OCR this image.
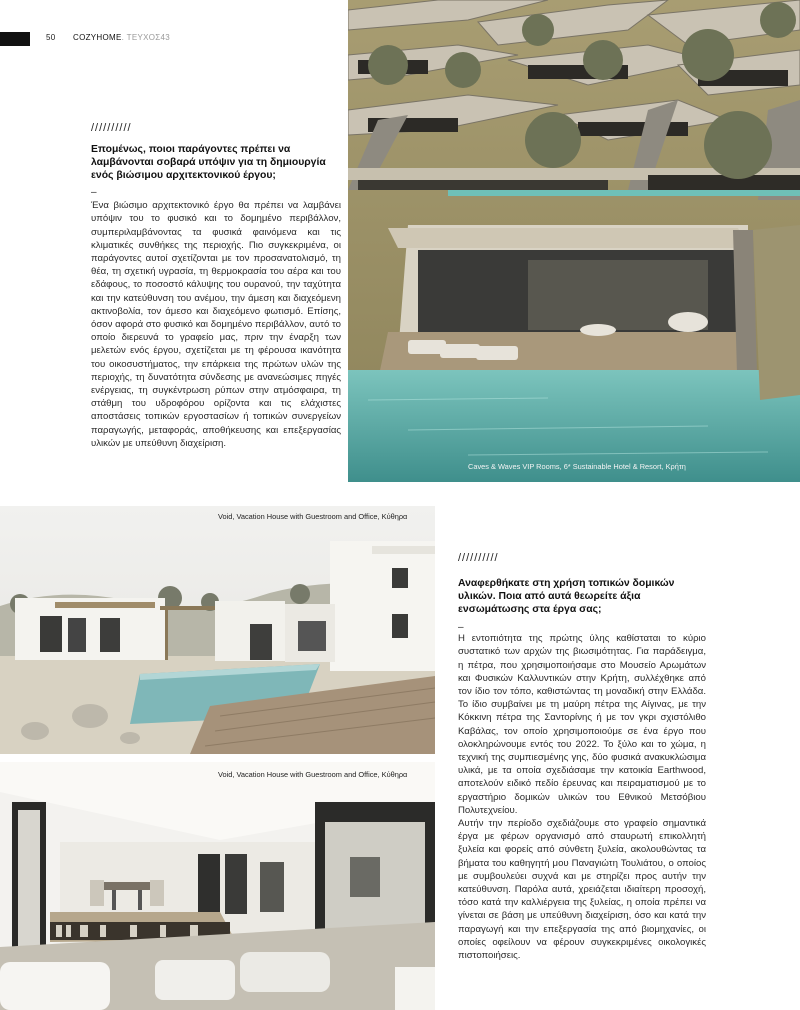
50 COZYHOME. ΤΕΥΧΟΣ43
Caves & Waves VIP Rooms, 6* Sustainable Hotel & Resort, Κρήτη
//////////
Επομένως, ποιοι παράγοντες πρέπει να λαμβάνονται σοβαρά υπόψιν για τη δημιουργία ενός βιώσιμου αρχιτεκτονικού έργου;
–
Ένα βιώσιμο αρχιτεκτονικό έργο θα πρέπει να λαμβάνει υπόψιν του το φυσικό και το δομημένο περιβάλλον, συμπεριλαμβάνοντας τα φυσικά φαινόμενα και τις κλιματικές συνθήκες της περιοχής. Πιο συγκεκριμένα, οι παράγοντες αυτοί σχετίζονται με τον προσανατολισμό, τη θέα, τη σχετική υγρασία, τη θερμοκρασία του αέρα και του εδάφους, το ποσοστό κάλυψης του ουρανού, την ταχύτητα και την κατεύθυνση του ανέμου, την άμεση και διαχεόμενη ακτινοβολία, τον άμεσο και διαχεόμενο φωτισμό. Επίσης, όσον αφορά στο φυσικό και δομημένο περιβάλλον, αυτό το οποίο διερευνά το γραφείο μας, πριν την έναρξη των μελετών ενός έργου, σχετίζεται με τη φέρουσα ικανότητα του οικοσυστήματος, την επάρκεια της πρώτων υλών της περιοχής, τη δυνατότητα σύνδεσης με ανανεώσιμες πηγές ενέργειας, τη συγκέντρωση ρύπων στην ατμόσφαιρα, τη στάθμη του υδροφόρου ορίζοντα και τις ελάχιστες αποστάσεις τοπικών εργοστασίων ή τοπικών συνεργείων παραγωγής, μεταφοράς, αποθήκευσης και επεξεργασίας υλικών με υπεύθυνη διαχείριση.
Void, Vacation House with Guestroom and Office, Κύθηρα
Void, Vacation House with Guestroom and Office, Κύθηρα
//////////
Αναφερθήκατε στη χρήση τοπικών δομικών υλικών. Ποια από αυτά θεωρείτε άξια ενσωμάτωσης στα έργα σας;
–
Η εντοπιότητα της πρώτης ύλης καθίσταται το κύριο συστατικό των αρχών της βιωσιμότητας. Για παράδειγμα, η πέτρα, που χρησιμοποιήσαμε στο Μουσείο Αρωμάτων και Φυσικών Καλλυντικών στην Κρήτη, συλλέχθηκε από τον ίδιο τον τόπο, καθιστώντας τη μοναδική στην Ελλάδα. Το ίδιο συμβαίνει με τη μαύρη πέτρα της Αίγινας, με την Κόκκινη πέτρα της Σαντορίνης ή με τον γκρι σχιστόλιθο Καβάλας, τον οποίο χρησιμοποιούμε σε ένα έργο που ολοκληρώνουμε εντός του 2022. Το ξύλο και το χώμα, η τεχνική της συμπιεσμένης γης, δύο φυσικά ανακυκλώσιμα υλικά, με τα οποία σχεδιάσαμε την κατοικία Earthwood, αποτελούν ειδικό πεδίο έρευνας και πειραματισμού με το εργαστήριο δομικών υλικών του Εθνικού Μετσόβιου Πολυτεχνείου.
Αυτήν την περίοδο σχεδιάζουμε στο γραφείο σημαντικά έργα με φέρων οργανισμό από σταυρωτή επικολλητή ξυλεία και φορείς από σύνθετη ξυλεία, ακολουθώντας τα βήματα του καθηγητή μου Παναγιώτη Τουλιάτου, ο οποίος με συμβουλεύει συχνά και με στηρίζει προς αυτήν την κατεύθυνση. Παρόλα αυτά, χρειάζεται ιδιαίτερη προσοχή, τόσο κατά την καλλιέργεια της ξυλείας, η οποία πρέπει να γίνεται σε βάση με υπεύθυνη διαχείριση, όσο και κατά την παραγωγή και την επεξεργασία της από βιομηχανίες, οι οποίες οφείλουν να φέρουν συγκεκριμένες οικολογικές πιστοποιήσεις.
